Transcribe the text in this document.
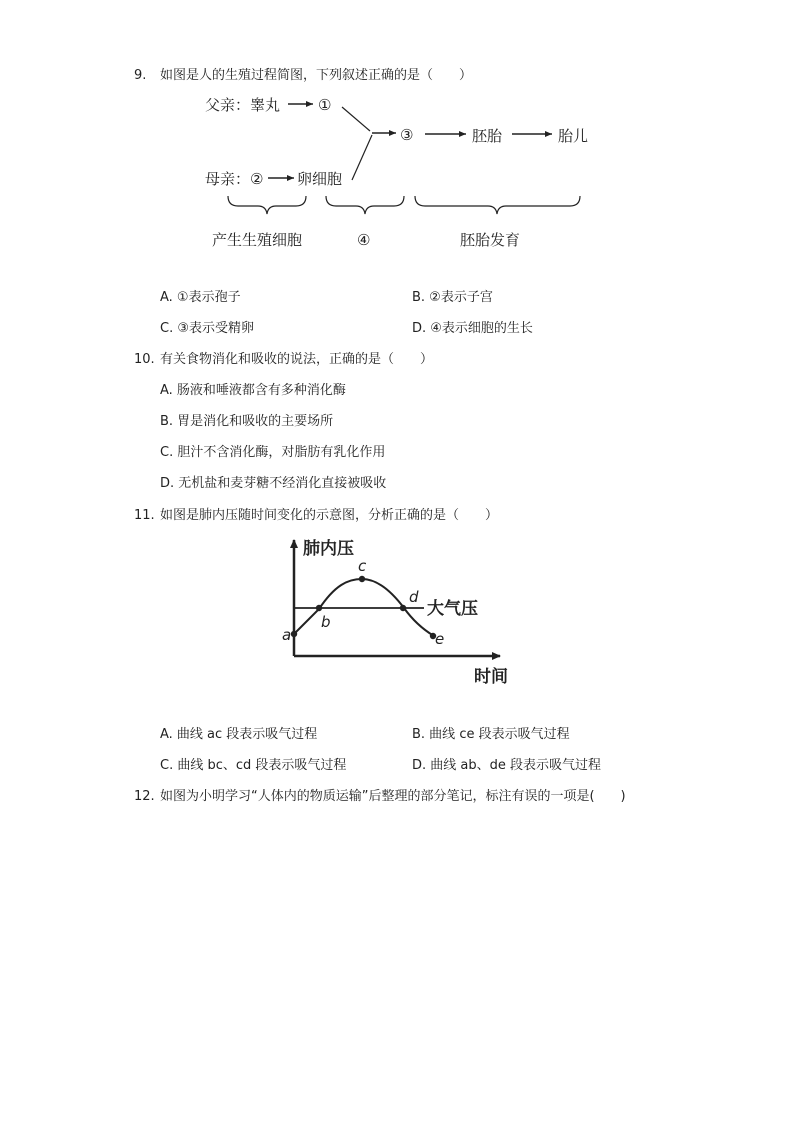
9. 如图是人的生殖过程简图，下列叙述正确的是（　　）
父亲：睾丸	①
③	胚胎	胎儿
母亲： ② 卵细胞
产生生殖细胞	④	胚胎发育
A. ①表示孢子	B. ②表示子宫
C. ③表示受精卵	D. ④表示细胞的生长
10. 有关食物消化和吸收的说法，正确的是（　　）
A. 肠液和唾液都含有多种消化酶
B. 胃是消化和吸收的主要场所
C. 胆汁不含消化酶，对脂肪有乳化作用
D. 无机盐和麦芽糖不经消化直接被吸收
11. 如图是肺内压随时间变化的示意图，分析正确的是（　　）
肺内压
时间
大气压
a
b
c
d
e
A. 曲线 ac 段表示吸气过程	B. 曲线 ce 段表示吸气过程
C. 曲线 bc、cd 段表示吸气过程	D. 曲线 ab、de 段表示吸气过程
12. 如图为小明学习“人体内的物质运输”后整理的部分笔记，标注有误的一项是(　　)
